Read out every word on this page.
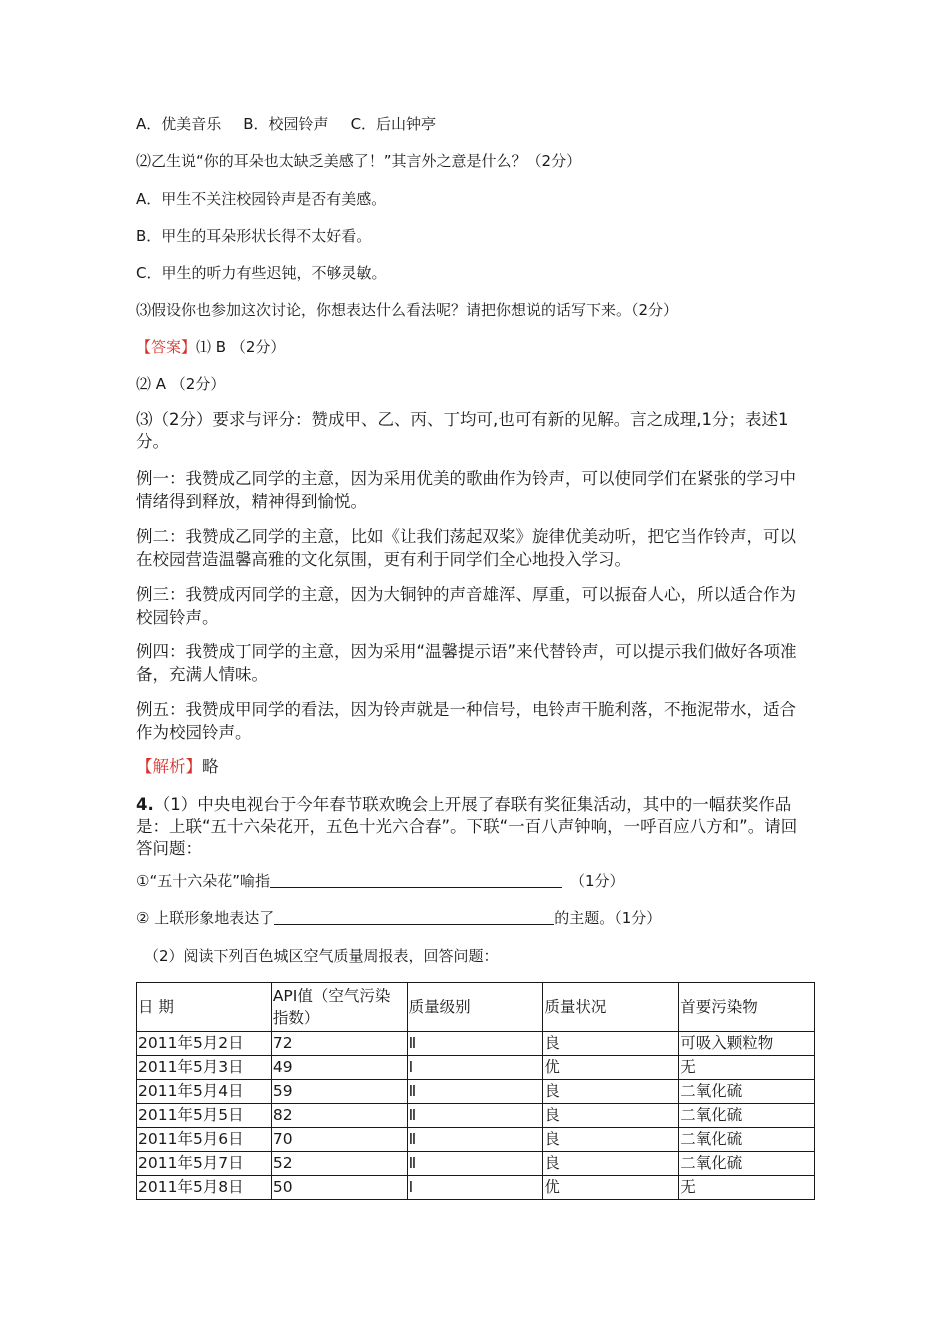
A．优美音乐 B．校园铃声 C．后山钟亭
⑵乙生说“你的耳朵也太缺乏美感了！”其言外之意是什么？（2分）
A．甲生不关注校园铃声是否有美感。
B．甲生的耳朵形状长得不太好看。
C．甲生的听力有些迟钝，不够灵敏。
⑶假设你也参加这次讨论，你想表达什么看法呢？请把你想说的话写下来。（2分）
【答案】⑴ B （2分）
⑵ A （2分）
⑶（2分）要求与评分：赞成甲、乙、丙、丁均可,也可有新的见解。言之成理,1分；表述1分。
例一：我赞成乙同学的主意，因为采用优美的歌曲作为铃声，可以使同学们在紧张的学习中情绪得到释放，精神得到愉悦。
例二：我赞成乙同学的主意，比如《让我们荡起双桨》旋律优美动听，把它当作铃声，可以在校园营造温馨高雅的文化氛围，更有利于同学们全心地投入学习。
例三：我赞成丙同学的主意，因为大铜钟的声音雄浑、厚重，可以振奋人心，所以适合作为校园铃声。
例四：我赞成丁同学的主意，因为采用“温馨提示语”来代替铃声，可以提示我们做好各项准备，充满人情味。
例五：我赞成甲同学的看法，因为铃声就是一种信号，电铃声干脆利落，不拖泥带水，适合作为校园铃声。
【解析】略
4.（1）中央电视台于今年春节联欢晚会上开展了春联有奖征集活动，其中的一幅获奖作品是：上联“五十六朵花开，五色十光六合春”。下联“一百八声钟响，一呼百应八方和”。请回答问题：
①“五十六朵花”喻指	（1分）
② 上联形象地表达了	的主题。（1分）
（2）阅读下列百色城区空气质量周报表，回答问题：
日 期	API值（空气污染指数）	质量级别	质量状况	首要污染物
2011年5月2日	72	Ⅱ	良	可吸入颗粒物
2011年5月3日	49	Ⅰ	优	无
2011年5月4日	59	Ⅱ	良	二氧化硫
2011年5月5日	82	Ⅱ	良	二氧化硫
2011年5月6日	70	Ⅱ	良	二氧化硫
2011年5月7日	52	Ⅱ	良	二氧化硫
2011年5月8日	50	Ⅰ	优	无
